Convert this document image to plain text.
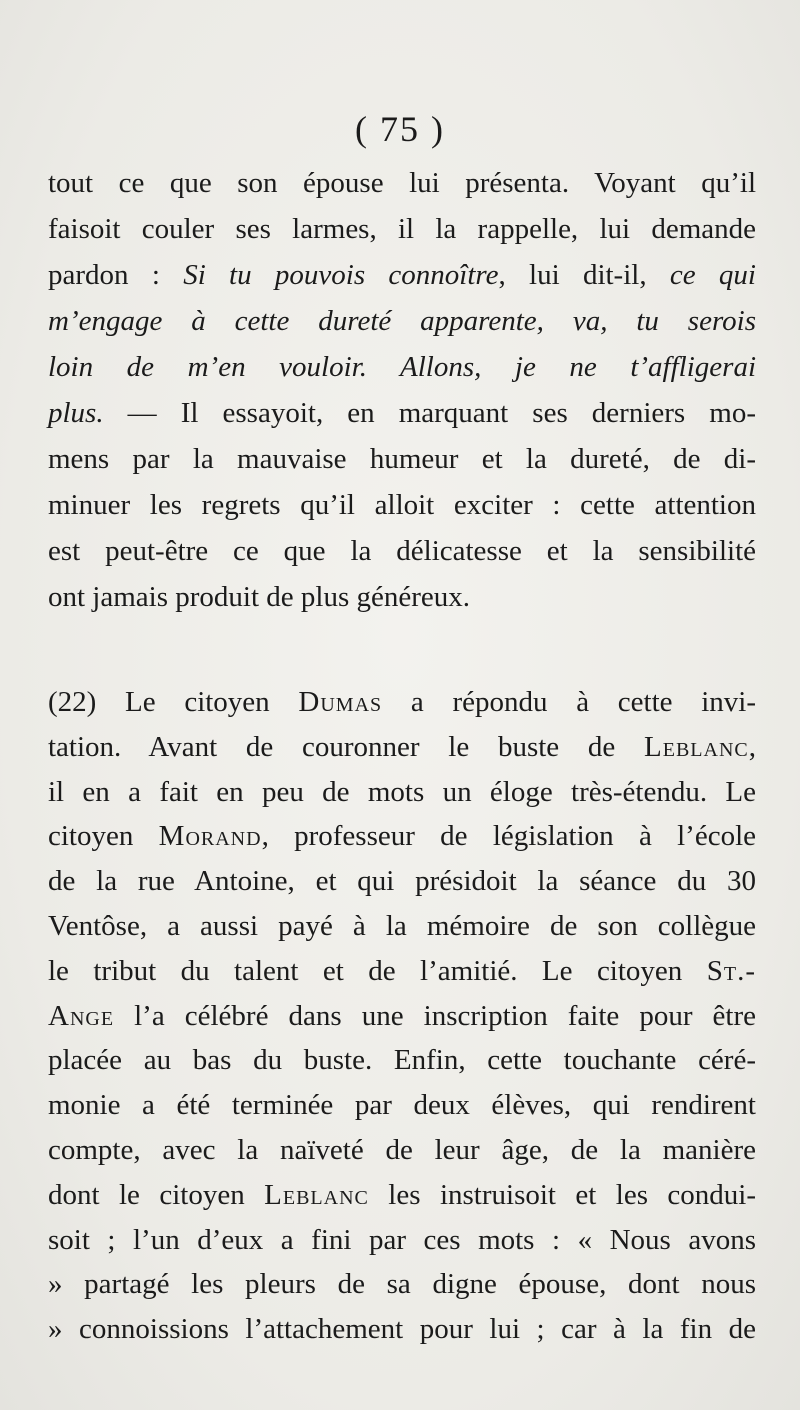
( 75 )
tout ce que son épouse lui présenta. Voyant qu’il
faisoit couler ses larmes, il la rappelle, lui demande
pardon : Si tu pouvois connoître, lui dit-il, ce qui
m’engage à cette dureté apparente, va, tu serois
loin de m’en vouloir. Allons, je ne t’affligerai
plus. — Il essayoit, en marquant ses derniers mo-
mens par la mauvaise humeur et la dureté, de di-
minuer les regrets qu’il alloit exciter : cette attention
est peut-être ce que la délicatesse et la sensibilité
ont jamais produit de plus généreux.
(22) Le citoyen Dumas a répondu à cette invi-
tation. Avant de couronner le buste de Leblanc,
il en a fait en peu de mots un éloge très-étendu. Le
citoyen Morand, professeur de législation à l’école
de la rue Antoine, et qui présidoit la séance du 30
Ventôse, a aussi payé à la mémoire de son collègue
le tribut du talent et de l’amitié. Le citoyen St.-
Ange l’a célébré dans une inscription faite pour être
placée au bas du buste. Enfin, cette touchante céré-
monie a été terminée par deux élèves, qui rendirent
compte, avec la naïveté de leur âge, de la manière
dont le citoyen Leblanc les instruisoit et les condui-
soit ; l’un d’eux a fini par ces mots : « Nous avons
» partagé les pleurs de sa digne épouse, dont nous
» connoissions l’attachement pour lui ; car à la fin de
